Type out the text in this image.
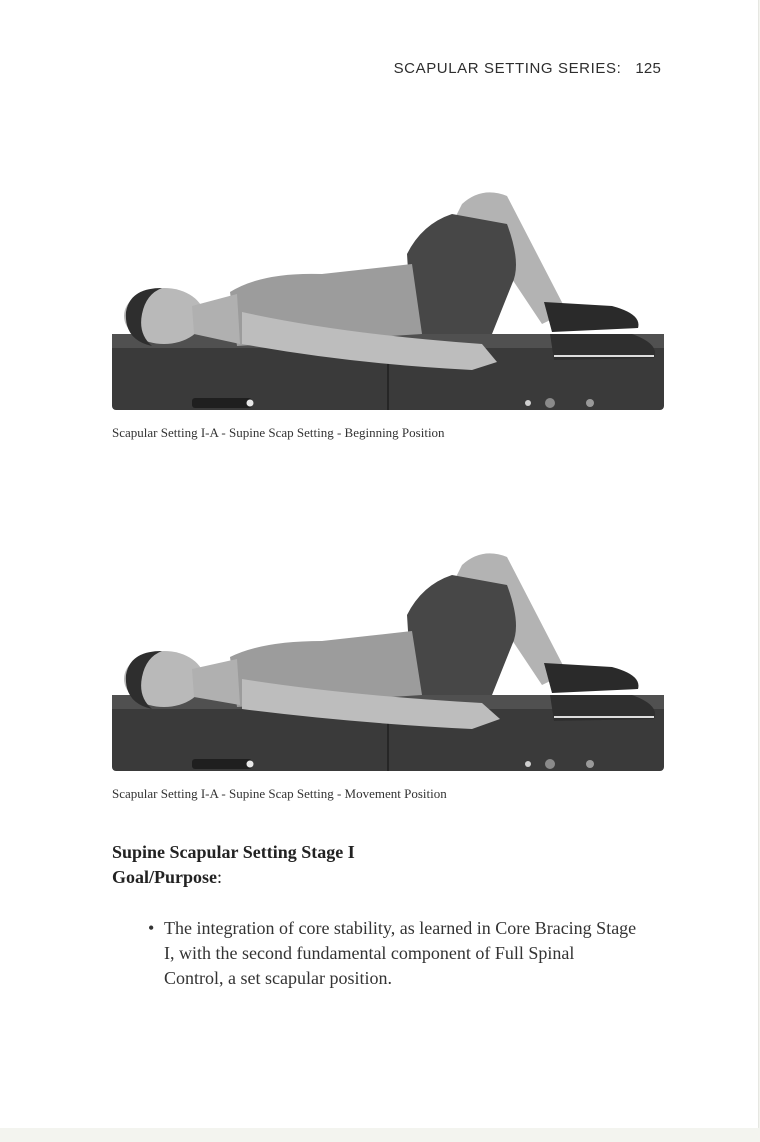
SCAPULAR SETTING SERIES: 125
Scapular Setting I-A - Supine Scap Setting - Beginning Position
Scapular Setting I-A - Supine Scap Setting - Movement Position
Supine Scapular Setting Stage I
Goal/Purpose:
• The integration of core stability, as learned in Core Bracing Stage I, with the second fundamental component of Full Spinal Control, a set scapular position.
